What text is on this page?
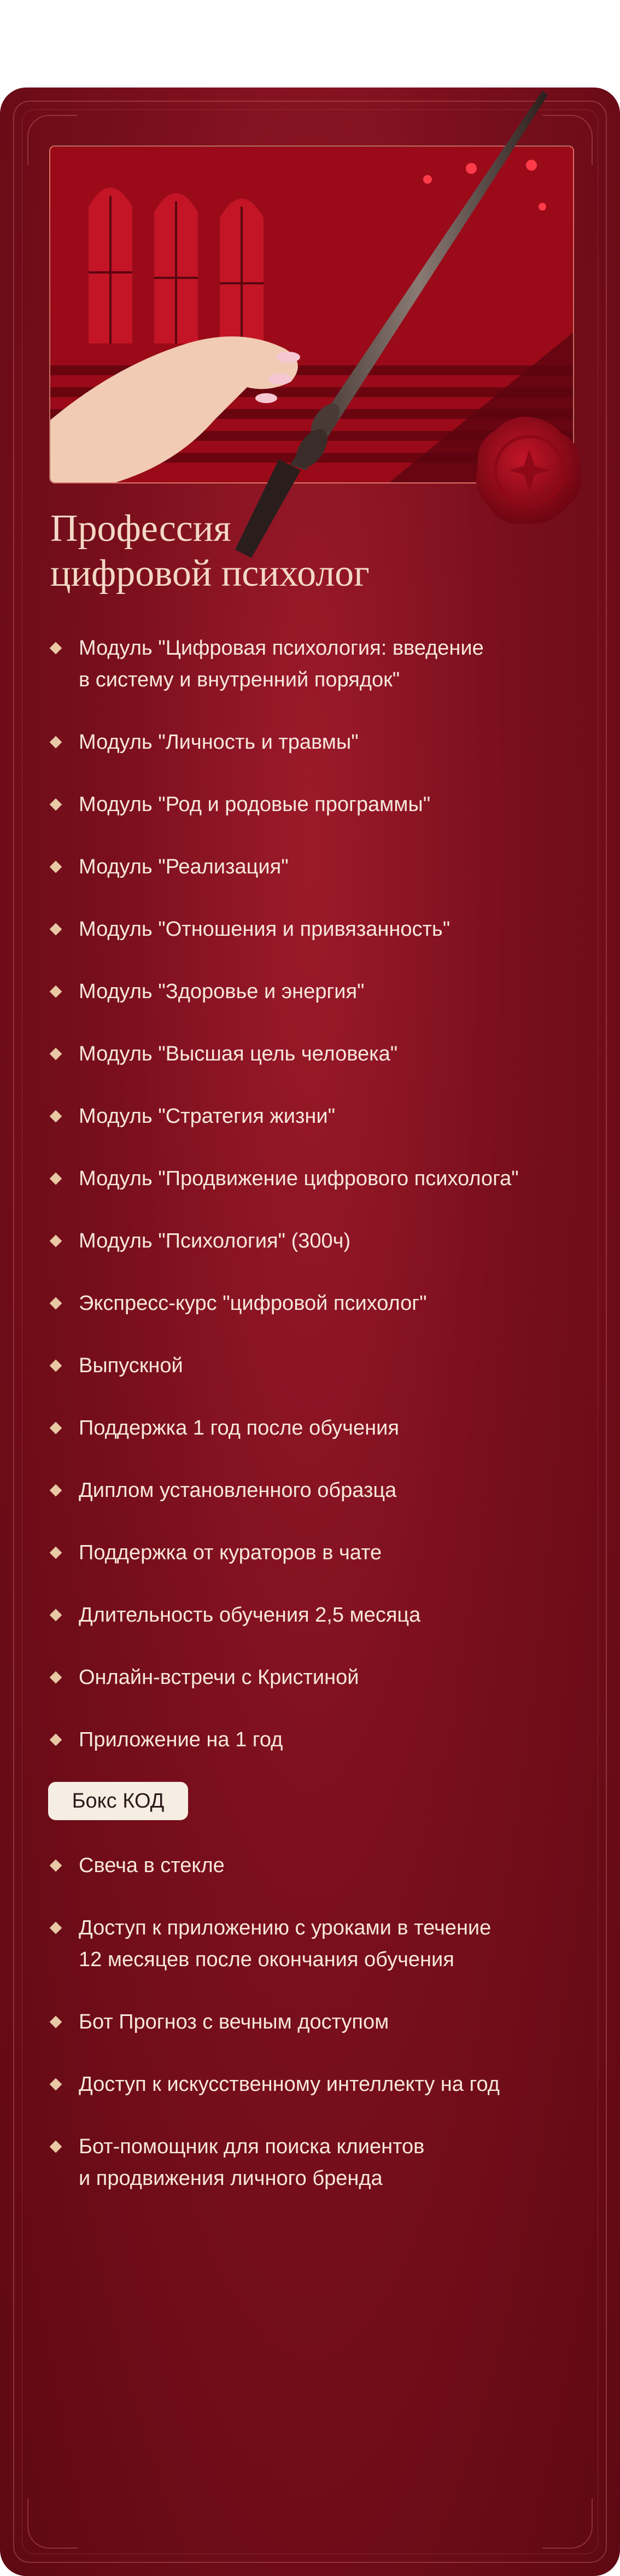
Профессия
цифровой психолог
Модуль "Цифровая психология: введение
в систему и внутренний порядок"
Модуль "Личность и травмы"
Модуль "Род и родовые программы"
Модуль "Реализация"
Модуль "Отношения и привязанность"
Модуль "Здоровье и энергия"
Модуль "Высшая цель человека"
Модуль "Стратегия жизни"
Модуль "Продвижение цифрового психолога"
Модуль "Психология" (300ч)
Экспресс-курс "цифровой психолог"
Выпускной
Поддержка 1 год после обучения
Диплом установленного образца
Поддержка от кураторов в чате
Длительность обучения 2,5 месяца
Онлайн-встречи с Кристиной
Приложение на 1 год
Бокс КОД
Свеча в стекле
Доступ к приложению с уроками в течение
12 месяцев после окончания обучения
Бот Прогноз с вечным доступом
Доступ к искусственному интеллекту на год
Бот-помощник для поиска клиентов
и продвижения личного бренда
